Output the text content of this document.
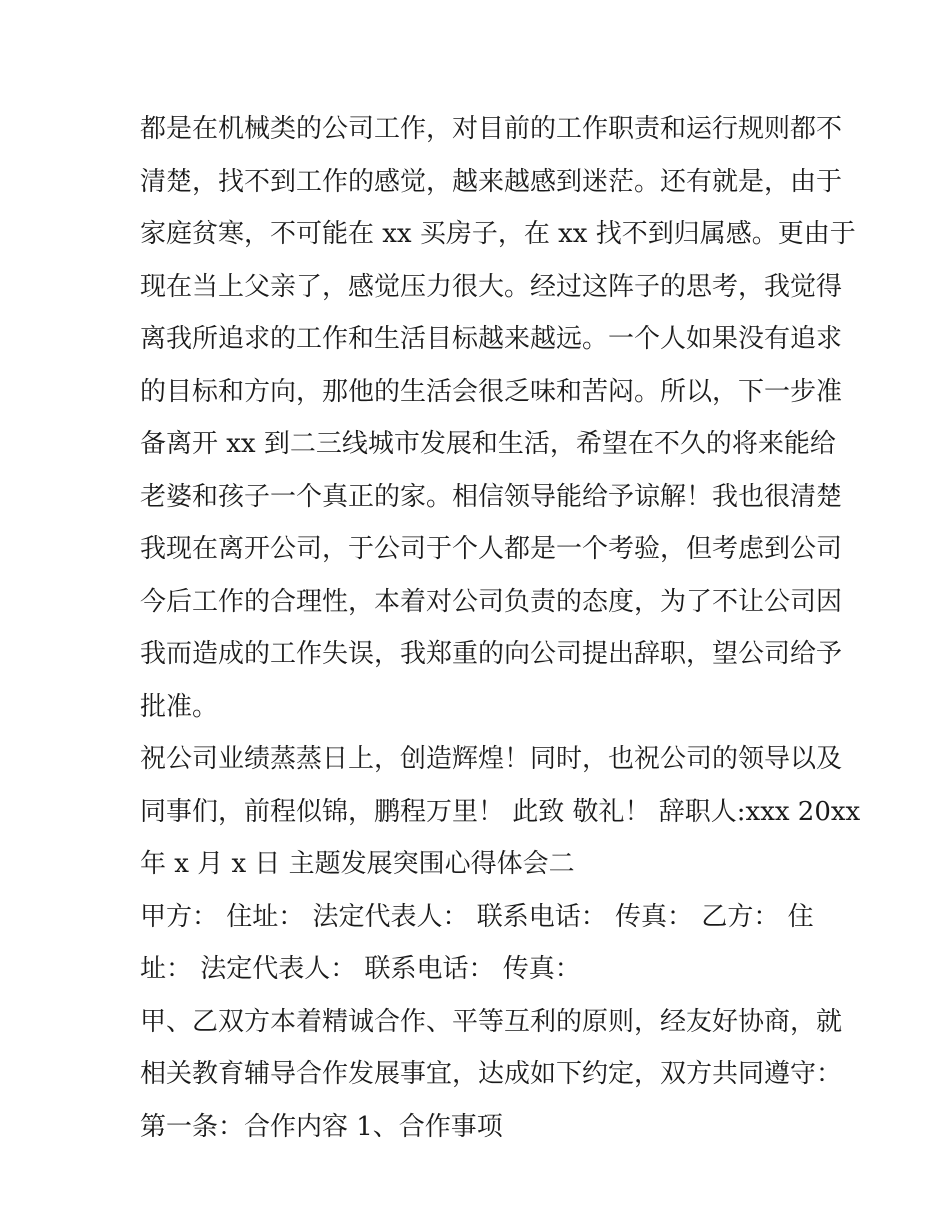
都是在机械类的公司工作，对目前的工作职责和运行规则都不
清楚，找不到工作的感觉，越来越感到迷茫。还有就是，由于
家庭贫寒，不可能在 xx 买房子，在 xx 找不到归属感。更由于
现在当上父亲了，感觉压力很大。经过这阵子的思考，我觉得
离我所追求的工作和生活目标越来越远。一个人如果没有追求
的目标和方向，那他的生活会很乏味和苦闷。所以，下一步准
备离开 xx 到二三线城市发展和生活，希望在不久的将来能给
老婆和孩子一个真正的家。相信领导能给予谅解！我也很清楚
我现在离开公司，于公司于个人都是一个考验，但考虑到公司
今后工作的合理性，本着对公司负责的态度，为了不让公司因
我而造成的工作失误，我郑重的向公司提出辞职，望公司给予
批准。
祝公司业绩蒸蒸日上，创造辉煌！同时，也祝公司的领导以及
同事们，前程似锦，鹏程万里！ 此致 敬礼！ 辞职人:xxx 20xx
年 x 月 x 日 主题发展突围心得体会二
甲方： 住址： 法定代表人： 联系电话： 传真： 乙方： 住
址： 法定代表人： 联系电话： 传真：
甲、乙双方本着精诚合作、平等互利的原则，经友好协商，就
相关教育辅导合作发展事宜，达成如下约定，双方共同遵守：
第一条：合作内容 1、合作事项
